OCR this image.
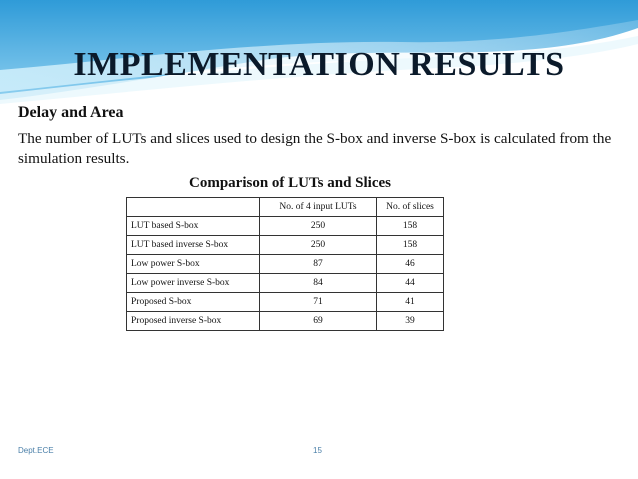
IMPLEMENTATION RESULTS
Delay and Area
The number of LUTs and slices used to design the S-box and inverse S-box is calculated from the simulation results.
Comparison of LUTs and Slices
	No. of 4 input LUTs	No. of slices
LUT based S-box	250	158
LUT based inverse S-box	250	158
Low power S-box	87	46
Low power inverse S-box	84	44
Proposed S-box	71	41
Proposed inverse S-box	69	39
Dept.ECE	15
